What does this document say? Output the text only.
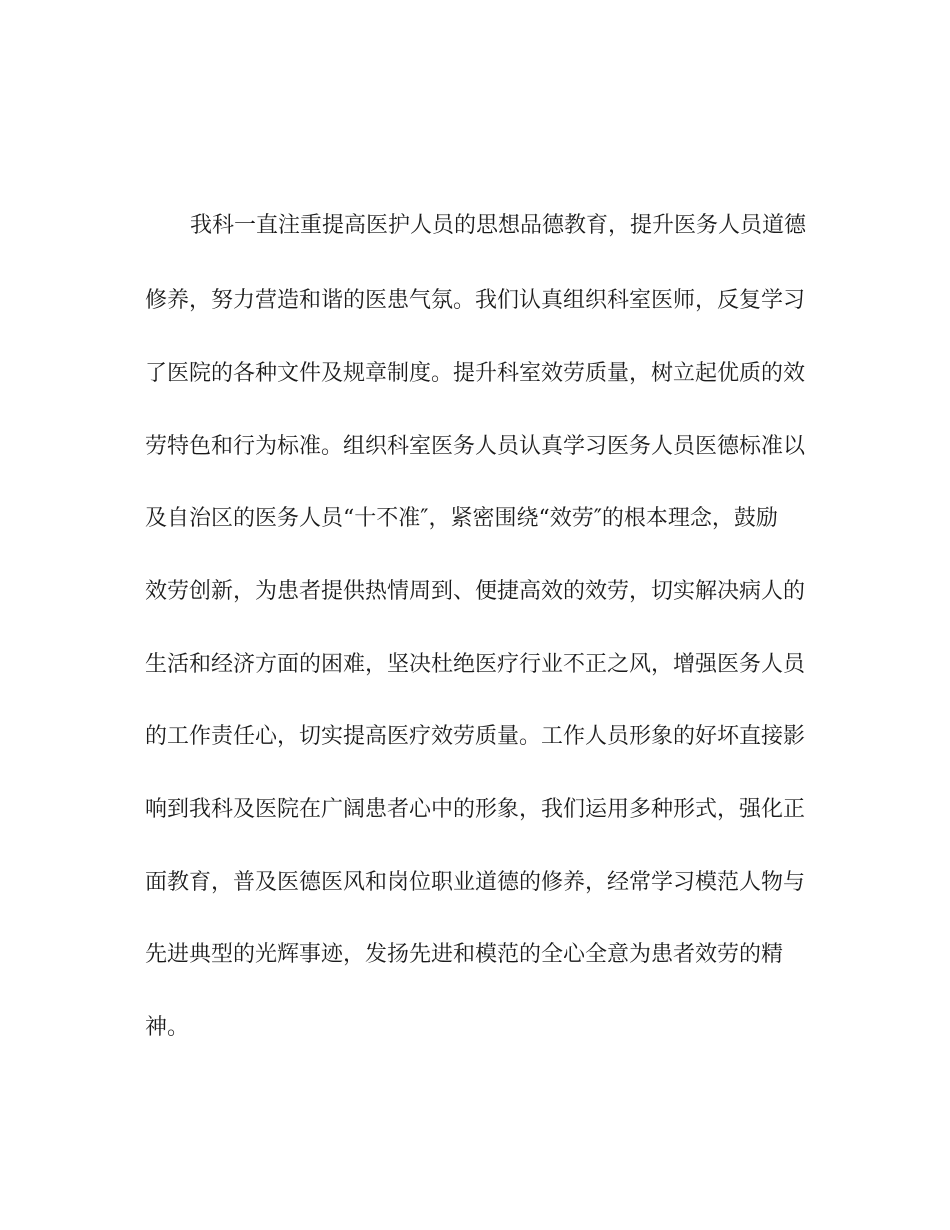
我科一直注重提高医护人员的思想品德教育，提升医务人员道德
修养，努力营造和谐的医患气氛。我们认真组织科室医师，反复学习
了医院的各种文件及规章制度。提升科室效劳质量，树立起优质的效
劳特色和行为标准。组织科室医务人员认真学习医务人员医德标准以
及自治区的医务人员“十不准″，紧密围绕“效劳″的根本理念，鼓励
效劳创新，为患者提供热情周到、便捷高效的效劳，切实解决病人的
生活和经济方面的困难，坚决杜绝医疗行业不正之风，增强医务人员
的工作责任心，切实提高医疗效劳质量。工作人员形象的好坏直接影
响到我科及医院在广阔患者心中的形象，我们运用多种形式，强化正
面教育，普及医德医风和岗位职业道德的修养，经常学习模范人物与
先进典型的光辉事迹，发扬先进和模范的全心全意为患者效劳的精
神。
